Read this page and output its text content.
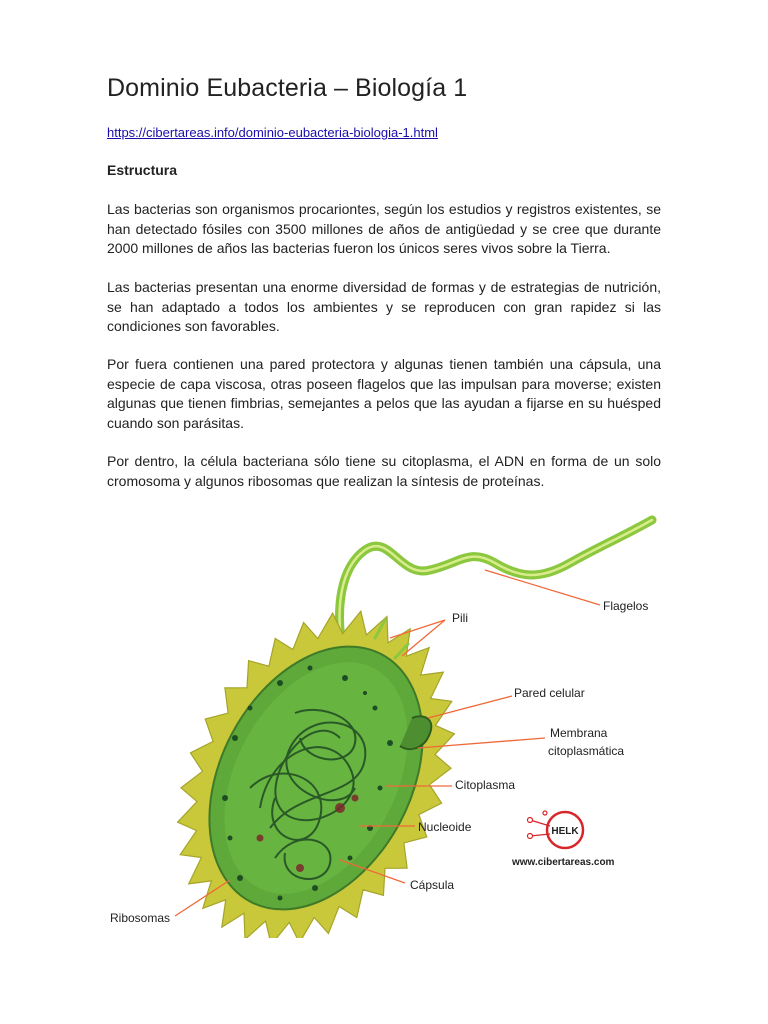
Dominio Eubacteria – Biología 1
https://cibertareas.info/dominio-eubacteria-biologia-1.html
Estructura

Las bacterias son organismos procariontes, según los estudios y registros existentes, se han detectado fósiles con 3500 millones de años de antigüedad y se cree que durante 2000 millones de años las bacterias fueron los únicos seres vivos sobre la Tierra.

Las bacterias presentan una enorme diversidad de formas y de estrategias de nutrición, se han adaptado a todos los ambientes y se reproducen con gran rapidez si las condiciones son favorables.

Por fuera contienen una pared protectora y algunas tienen también una cápsula, una especie de capa viscosa, otras poseen flagelos que las impulsan para moverse; existen algunas que tienen fimbrias, semejantes a pelos que las ayudan a fijarse en su huésped cuando son parásitas.

Por dentro, la célula bacteriana sólo tiene su citoplasma, el ADN en forma de un solo cromosoma y algunos ribosomas que realizan la síntesis de proteínas.

Flagelos
Pili
Pared celular
Membrana
citoplasmática
Citoplasma
Nucleoide
Cápsula
Ribosomas
HELK
www.cibertareas.com
